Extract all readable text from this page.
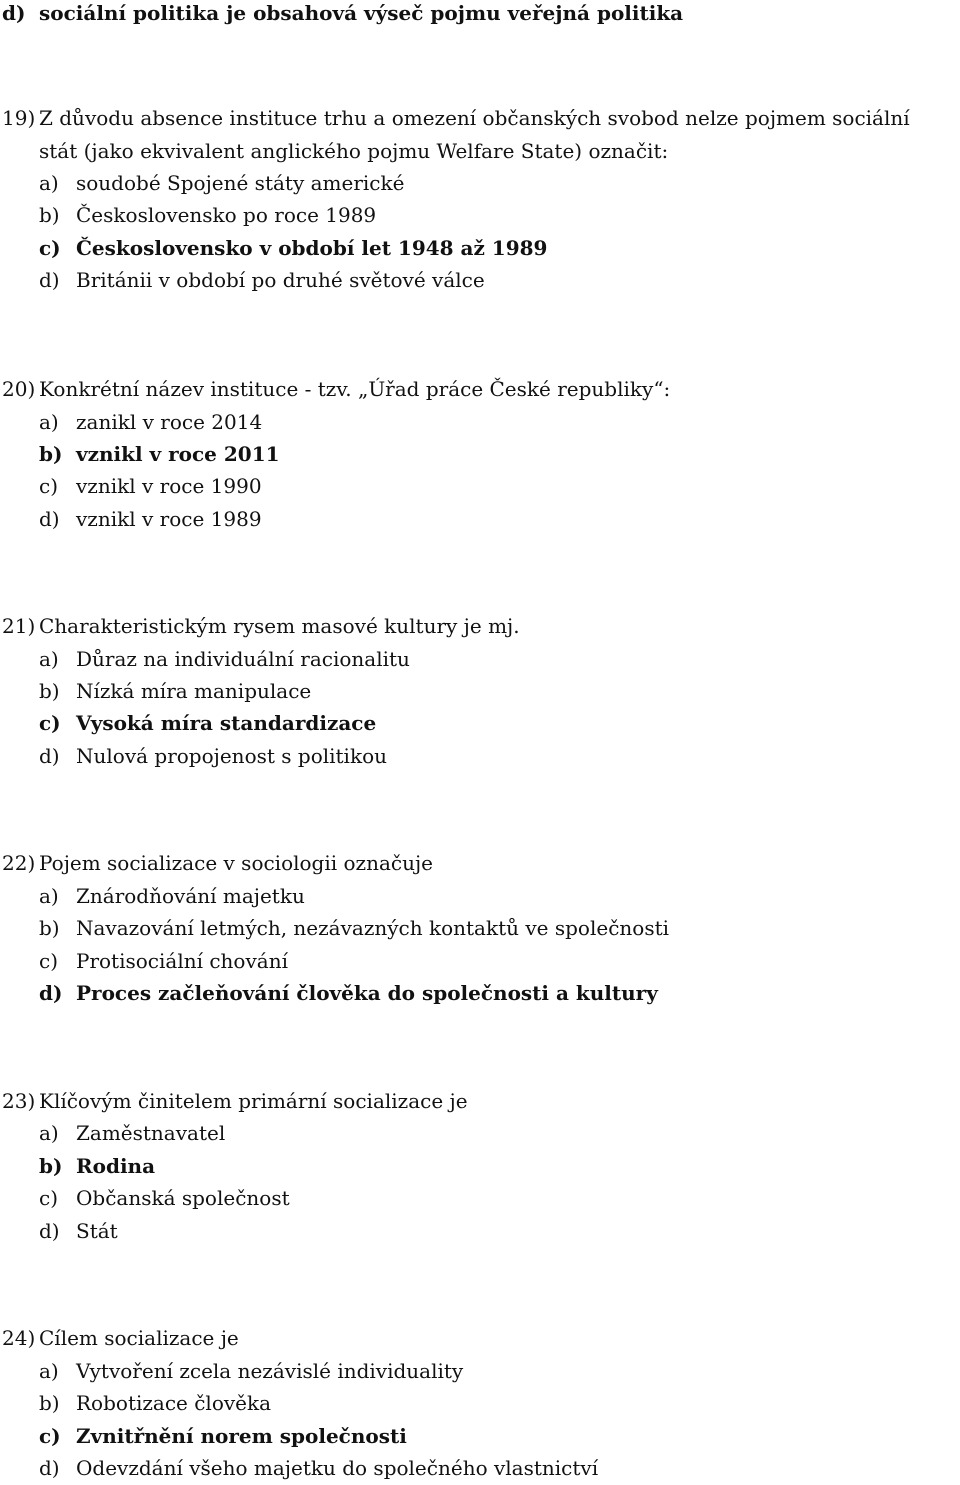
d) sociální politika je obsahová výseč pojmu veřejná politika
19) Z důvodu absence instituce trhu a omezení občanských svobod nelze pojmem sociální
stát (jako ekvivalent anglického pojmu Welfare State) označit:
a) soudobé Spojené státy americké
b) Československo po roce 1989
c) Československo v období let 1948 až 1989
d) Británii v období po druhé světové válce
20) Konkrétní název instituce - tzv. „Úřad práce České republiky“:
a) zanikl v roce 2014
b) vznikl v roce 2011
c) vznikl v roce 1990
d) vznikl v roce 1989
21) Charakteristickým rysem masové kultury je mj.
a) Důraz na individuální racionalitu
b) Nízká míra manipulace
c) Vysoká míra standardizace
d) Nulová propojenost s politikou
22) Pojem socializace v sociologii označuje
a) Znárodňování majetku
b) Navazování letmých, nezávazných kontaktů ve společnosti
c) Protisociální chování
d) Proces začleňování člověka do společnosti a kultury
23) Klíčovým činitelem primární socializace je
a) Zaměstnavatel
b) Rodina
c) Občanská společnost
d) Stát
24) Cílem socializace je
a) Vytvoření zcela nezávislé individuality
b) Robotizace člověka
c) Zvnitřnění norem společnosti
d) Odevzdání všeho majetku do společného vlastnictví
